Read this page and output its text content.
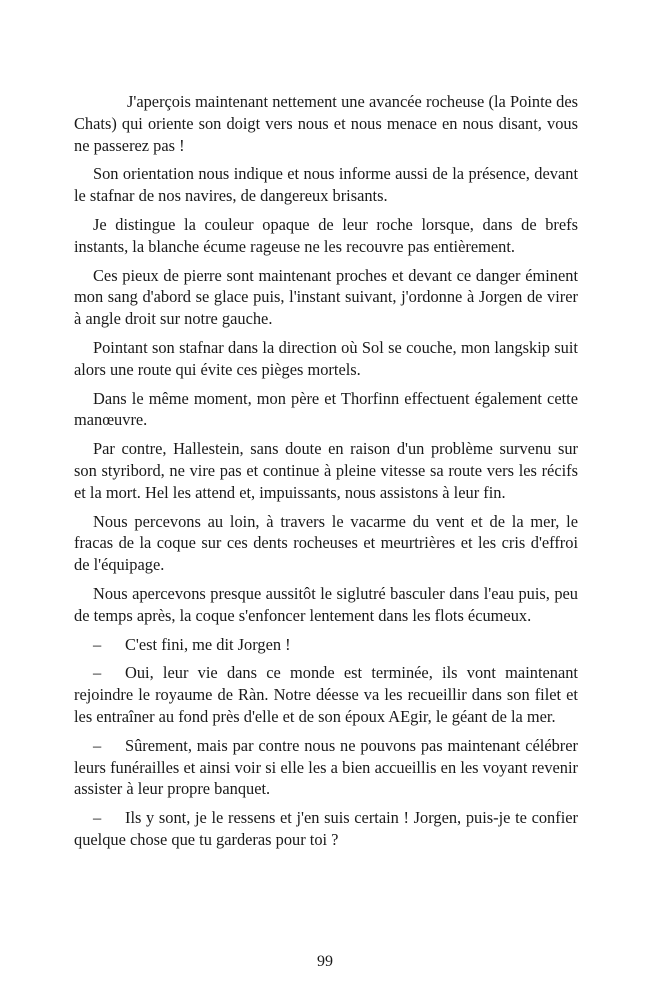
J'aperçois maintenant nettement une avancée rocheuse (la Pointe des Chats) qui oriente son doigt vers nous et nous menace en nous disant, vous ne passerez pas !

Son orientation nous indique et nous informe aussi de la présence, devant le stafnar de nos navires, de dangereux brisants.

Je distingue la couleur opaque de leur roche lorsque, dans de brefs instants, la blanche écume rageuse ne les recouvre pas entièrement.

Ces pieux de pierre sont maintenant proches et devant ce danger éminent mon sang d'abord se glace puis, l'instant suivant, j'ordonne à Jorgen de virer à angle droit sur notre gauche.

Pointant son stafnar dans la direction où Sol se couche, mon langskip suit alors une route qui évite ces pièges mortels.

Dans le même moment, mon père et Thorfinn effectuent également cette manœuvre.

Par contre, Hallestein, sans doute en raison d'un problème survenu sur son styribord, ne vire pas et continue à pleine vitesse sa route vers les récifs et la mort. Hel les attend et, impuissants, nous assistons à leur fin.

Nous percevons au loin, à travers le vacarme du vent et de la mer, le fracas de la coque sur ces dents rocheuses et meurtrières et les cris d'effroi de l'équipage.

Nous apercevons presque aussitôt le siglutré basculer dans l'eau puis, peu de temps après, la coque s'enfoncer lentement dans les flots écumeux.

– C'est fini, me dit Jorgen !

– Oui, leur vie dans ce monde est terminée, ils vont maintenant rejoindre le royaume de Ràn. Notre déesse va les recueillir dans son filet et les entraîner au fond près d'elle et de son époux AEgir, le géant de la mer.

– Sûrement, mais par contre nous ne pouvons pas maintenant célébrer leurs funérailles et ainsi voir si elle les a bien accueillis en les voyant revenir assister à leur propre banquet.

– Ils y sont, je le ressens et j'en suis certain ! Jorgen, puis-je te confier quelque chose que tu garderas pour toi ?

99
